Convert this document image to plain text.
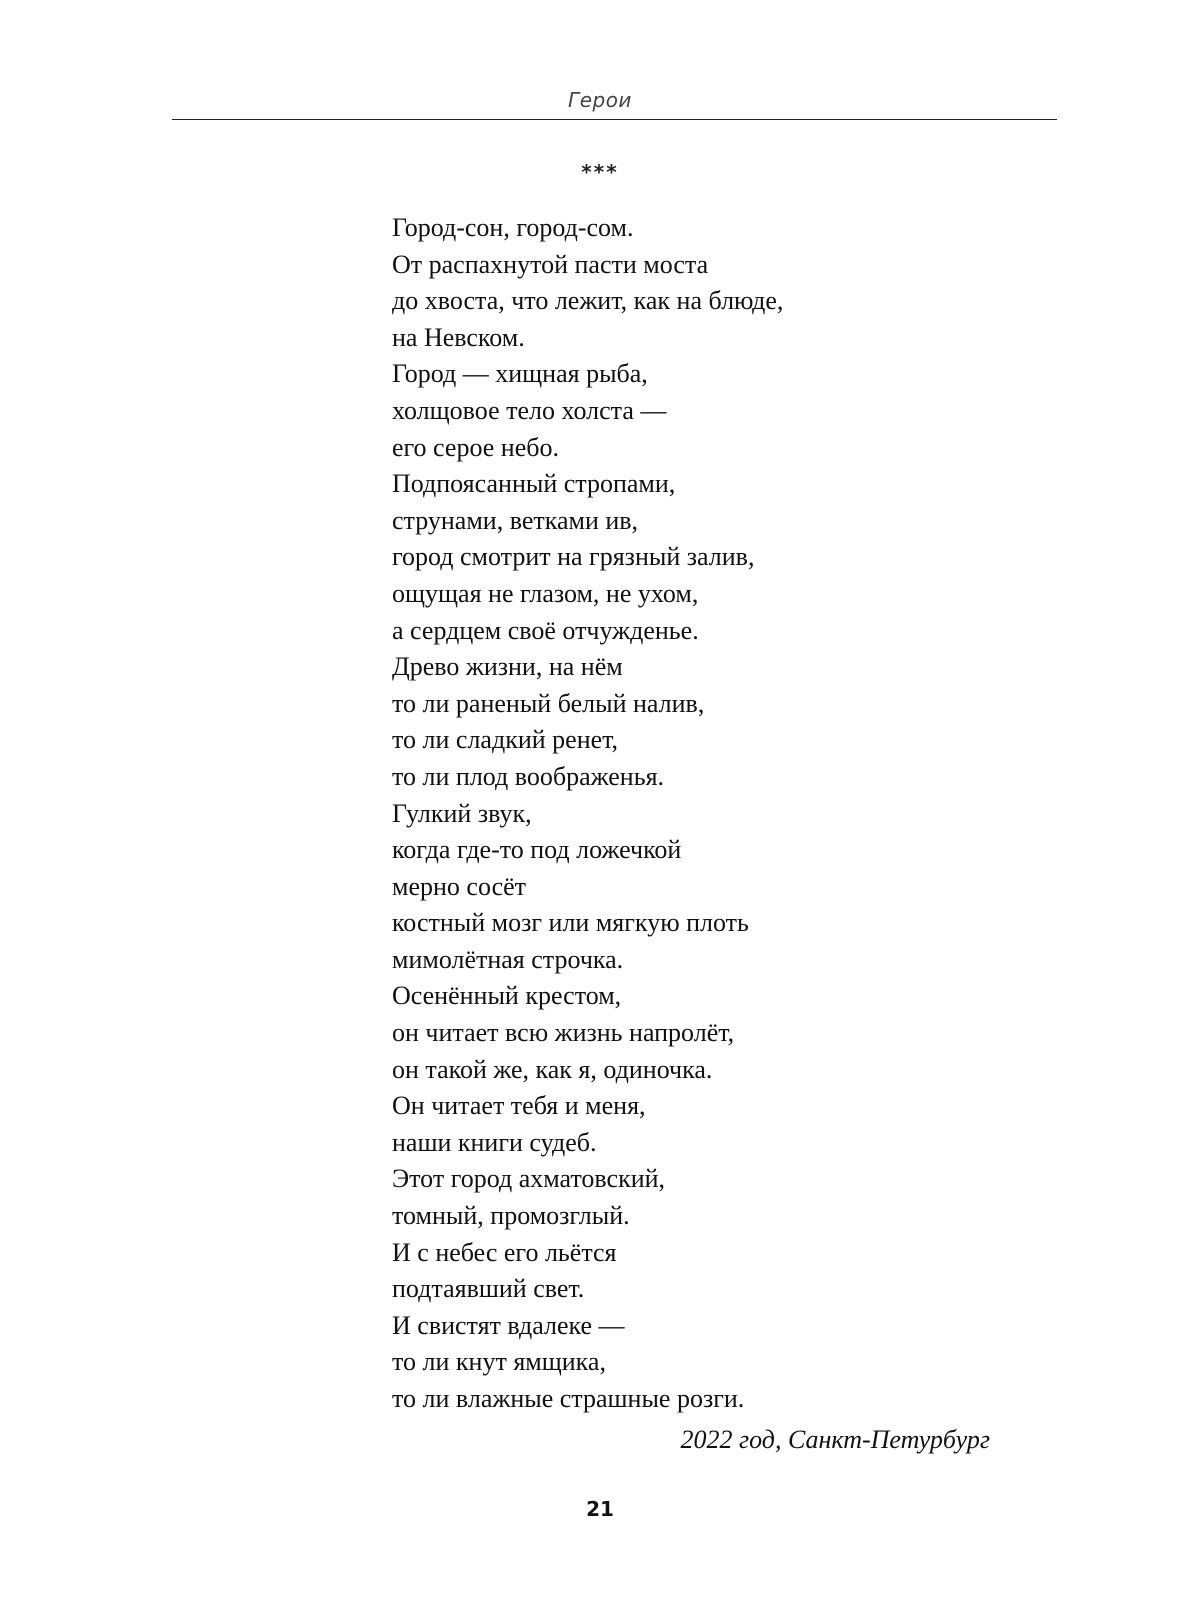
Герои
***
Город-сон, город-сом.
От распахнутой пасти моста
до хвоста, что лежит, как на блюде,
на Невском.
Город — хищная рыба,
холщовое тело холста —
его серое небо.
Подпоясанный стропами,
струнами, ветками ив,
город смотрит на грязный залив,
ощущая не глазом, не ухом,
а сердцем своё отчужденье.
Древо жизни, на нём
то ли раненый белый налив,
то ли сладкий ренет,
то ли плод воображенья.
Гулкий звук,
когда где-то под ложечкой
мерно сосёт
костный мозг или мягкую плоть
мимолётная строчка.
Осенённый крестом,
он читает всю жизнь напролёт,
он такой же, как я, одиночка.
Он читает тебя и меня,
наши книги судеб.
Этот город ахматовский,
томный, промозглый.
И с небес его льётся
подтаявший свет.
И свистят вдалеке —
то ли кнут ямщика,
то ли влажные страшные розги.
2022 год, Санкт-Петурбург
21
